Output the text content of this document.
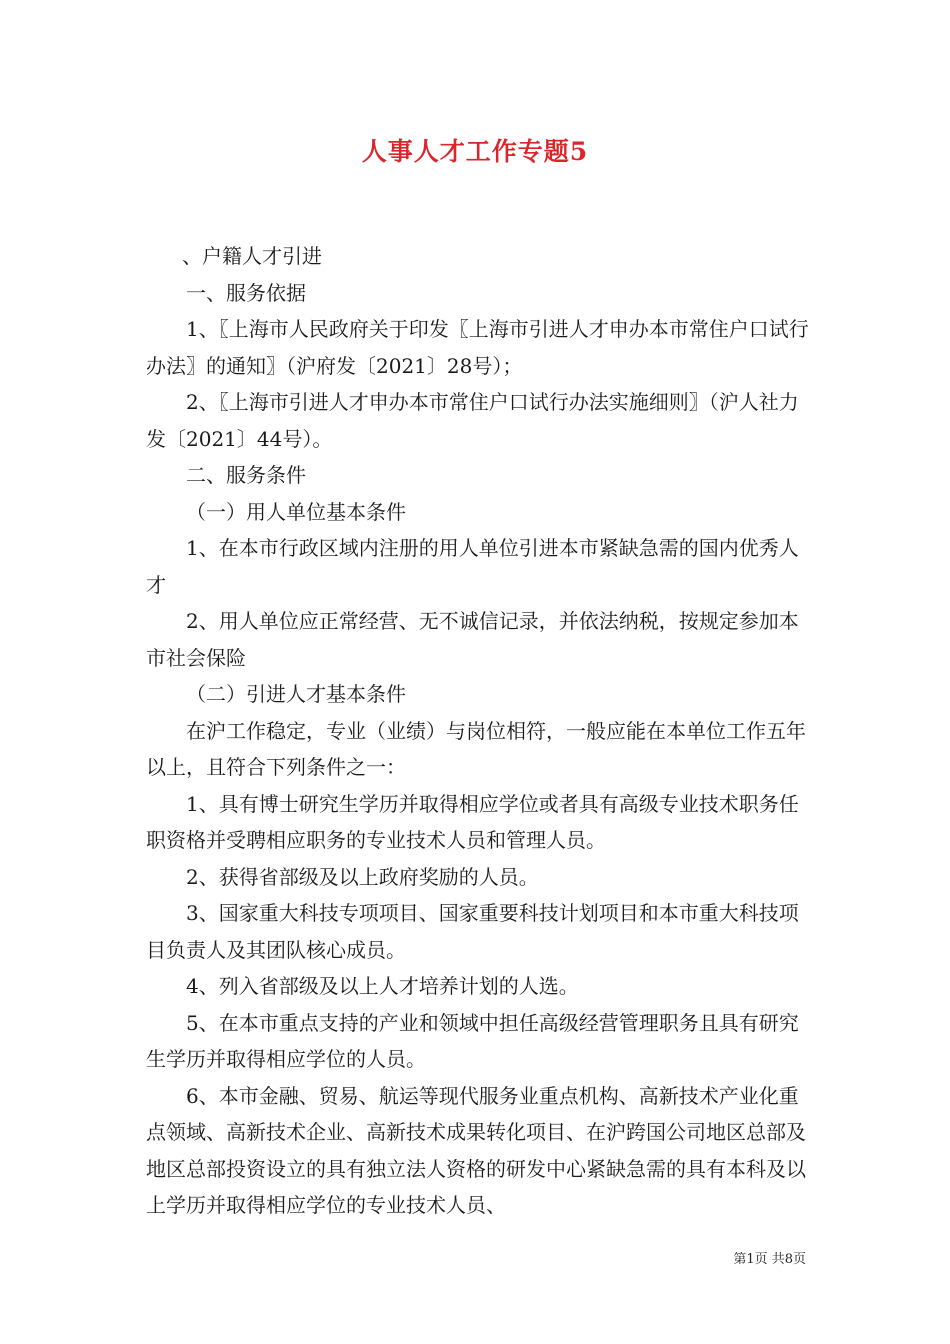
人事人才工作专题5

、户籍人才引进

一、服务依据

1、〖上海市人民政府关于印发〖上海市引进人才申办本市常住户口试行办法〗的通知〗（沪府发〔2021〕28号）；

2、〖上海市引进人才申办本市常住户口试行办法实施细则〗（沪人社力发〔2021〕44号）。

二、服务条件

（一）用人单位基本条件

1、在本市行政区域内注册的用人单位引进本市紧缺急需的国内优秀人才

2、用人单位应正常经营、无不诚信记录，并依法纳税，按规定参加本市社会保险

（二）引进人才基本条件

在沪工作稳定，专业（业绩）与岗位相符，一般应能在本单位工作五年以上，且符合下列条件之一：

1、具有博士研究生学历并取得相应学位或者具有高级专业技术职务任职资格并受聘相应职务的专业技术人员和管理人员。

2、获得省部级及以上政府奖励的人员。

3、国家重大科技专项项目、国家重要科技计划项目和本市重大科技项目负责人及其团队核心成员。

4、列入省部级及以上人才培养计划的人选。

5、在本市重点支持的产业和领域中担任高级经营管理职务且具有研究生学历并取得相应学位的人员。

6、本市金融、贸易、航运等现代服务业重点机构、高新技术产业化重点领域、高新技术企业、高新技术成果转化项目、在沪跨国公司地区总部及地区总部投资设立的具有独立法人资格的研发中心紧缺急需的具有本科及以上学历并取得相应学位的专业技术人员、

第1页 共8页
